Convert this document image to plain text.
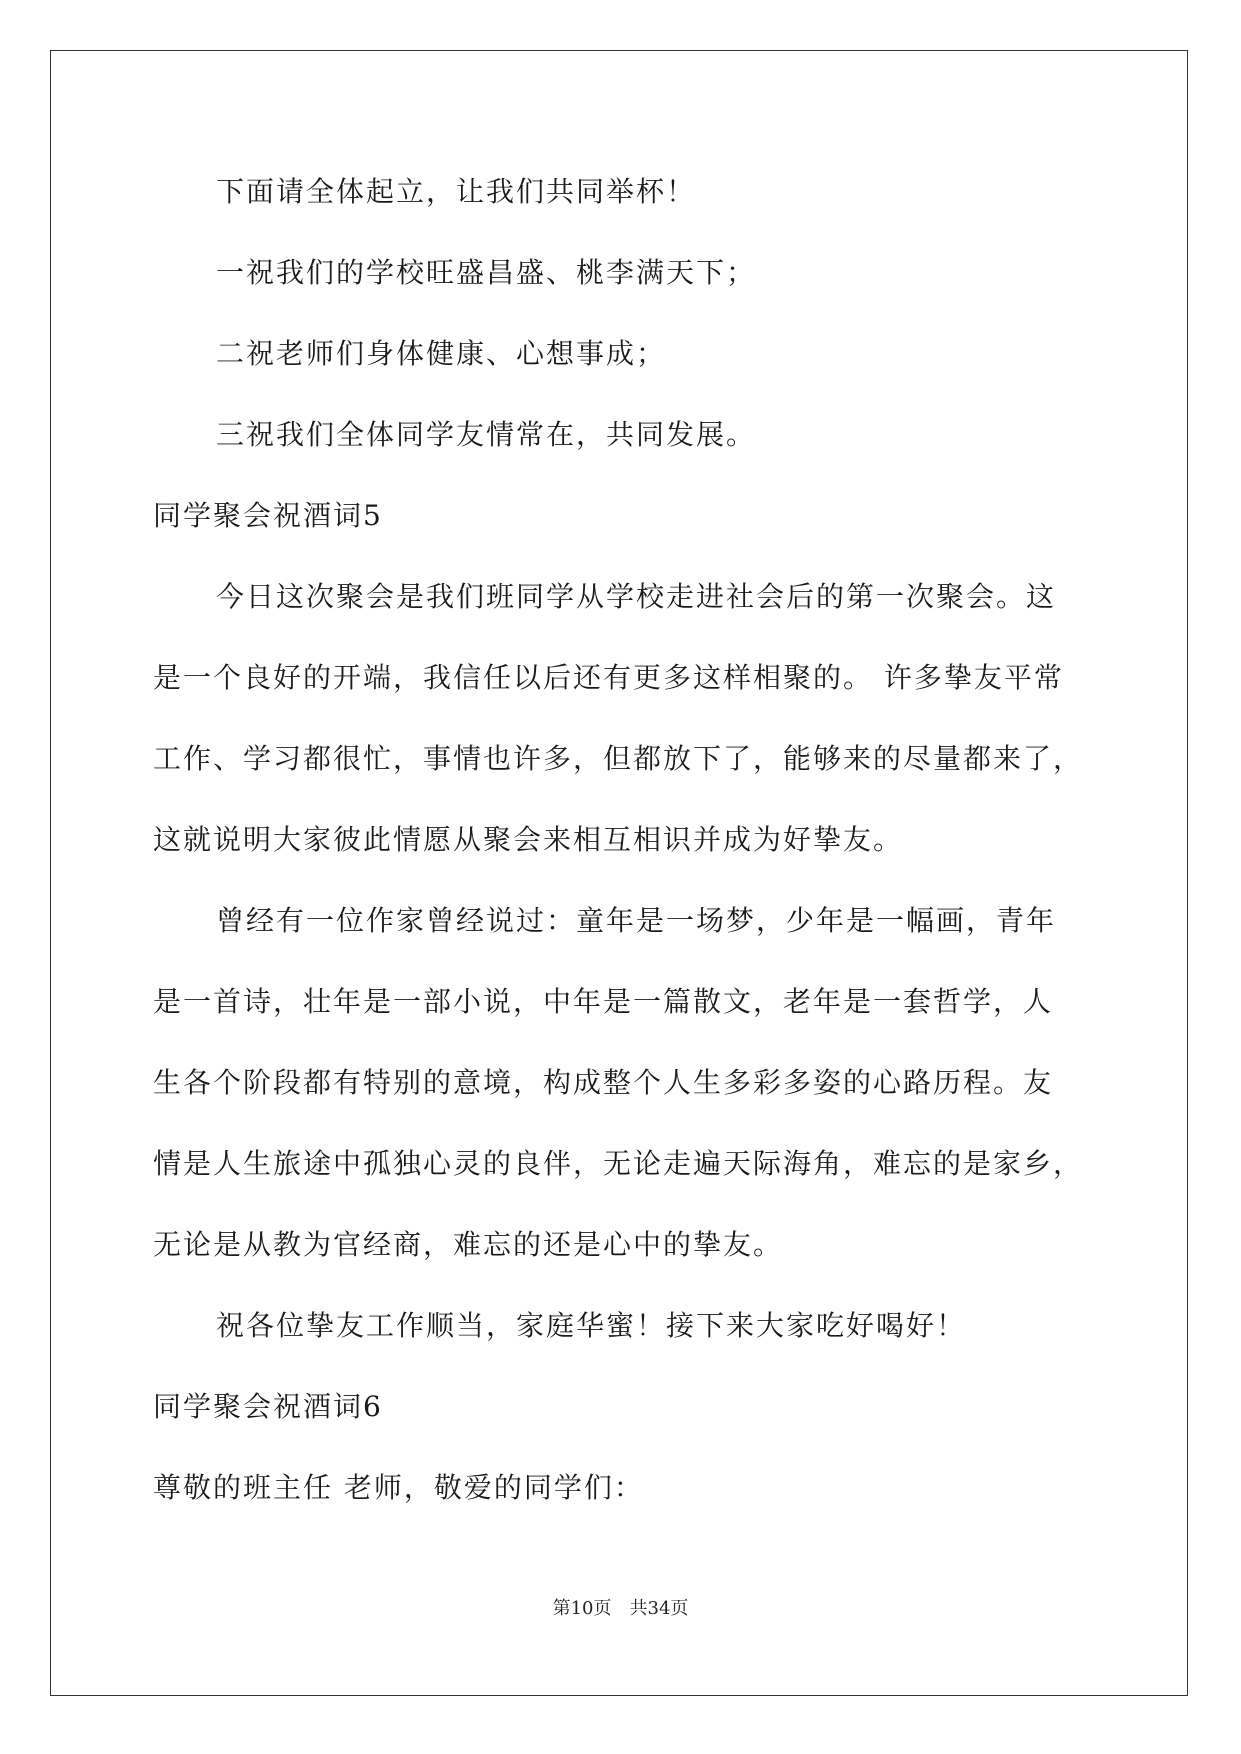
下面请全体起立，让我们共同举杯！
一祝我们的学校旺盛昌盛、桃李满天下；
二祝老师们身体健康、心想事成；
三祝我们全体同学友情常在，共同发展。
同学聚会祝酒词5
今日这次聚会是我们班同学从学校走进社会后的第一次聚会。这
是一个良好的开端，我信任以后还有更多这样相聚的。 许多挚友平常
工作、学习都很忙，事情也许多，但都放下了，能够来的尽量都来了，
这就说明大家彼此情愿从聚会来相互相识并成为好挚友。
曾经有一位作家曾经说过：童年是一场梦，少年是一幅画，青年
是一首诗，壮年是一部小说，中年是一篇散文，老年是一套哲学，人
生各个阶段都有特别的意境，构成整个人生多彩多姿的心路历程。友
情是人生旅途中孤独心灵的良伴，无论走遍天际海角，难忘的是家乡，
无论是从教为官经商，难忘的还是心中的挚友。
祝各位挚友工作顺当，家庭华蜜！接下来大家吃好喝好！
同学聚会祝酒词6
尊敬的班主任 老师，敬爱的同学们：
第10页　共34页
